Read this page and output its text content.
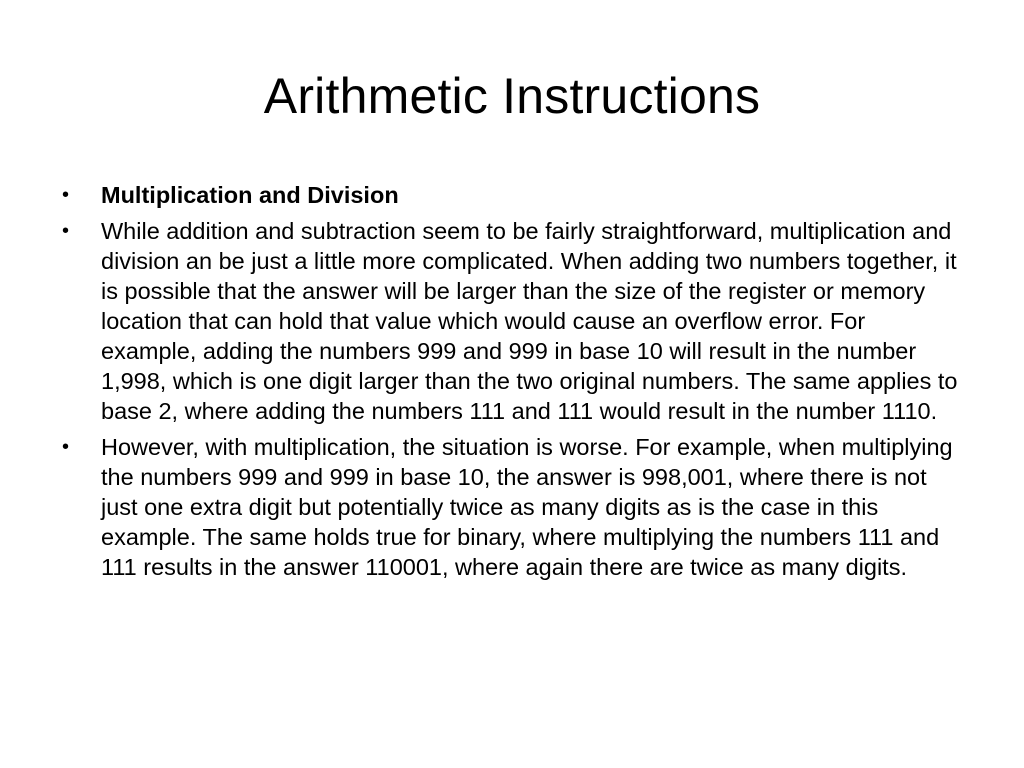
Arithmetic Instructions
•	Multiplication and Division
•	While addition and subtraction seem to be fairly straightforward, multiplication and division an be just a little more complicated. When adding two numbers together, it is possible that the answer will be larger than the size of the register or memory location that can hold that value which would cause an overflow error. For example, adding the numbers 999 and 999 in base 10 will result in the number 1,998, which is one digit larger than the two original numbers. The same applies to base 2, where adding the numbers 111 and 111 would result in the number 1110.
•	However, with multiplication, the situation is worse. For example, when multiplying the numbers 999 and 999 in base 10, the answer is 998,001, where there is not just one extra digit but potentially twice as many digits as is the case in this example. The same holds true for binary, where multiplying the numbers 111 and 111 results in the answer 110001, where again there are twice as many digits.
